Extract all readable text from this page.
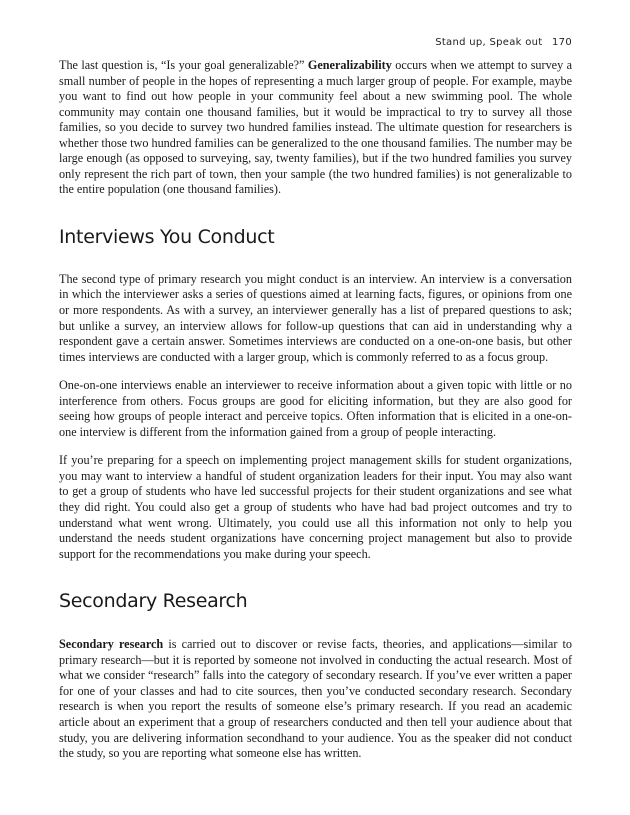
Stand up, Speak out 170

The last question is, “Is your goal generalizable?” Generalizability occurs when we attempt to survey a small number of people in the hopes of representing a much larger group of people. For example, maybe you want to find out how people in your community feel about a new swimming pool. The whole community may contain one thousand families, but it would be impractical to try to survey all those families, so you decide to survey two hundred families instead. The ultimate question for researchers is whether those two hundred families can be generalized to the one thousand families. The number may be large enough (as opposed to surveying, say, twenty families), but if the two hundred families you survey only represent the rich part of town, then your sample (the two hundred families) is not generalizable to the entire population (one thousand families).

Interviews You Conduct

The second type of primary research you might conduct is an interview. An interview is a conversation in which the interviewer asks a series of questions aimed at learning facts, figures, or opinions from one or more respondents. As with a survey, an interviewer generally has a list of prepared questions to ask; but unlike a survey, an interview allows for follow-up questions that can aid in understanding why a respondent gave a certain answer. Sometimes interviews are conducted on a one-on-one basis, but other times interviews are conducted with a larger group, which is commonly referred to as a focus group.

One-on-one interviews enable an interviewer to receive information about a given topic with little or no interference from others. Focus groups are good for eliciting information, but they are also good for seeing how groups of people interact and perceive topics. Often information that is elicited in a one-on-one interview is different from the information gained from a group of people interacting.

If you’re preparing for a speech on implementing project management skills for student organizations, you may want to interview a handful of student organization leaders for their input. You may also want to get a group of students who have led successful projects for their student organizations and see what they did right. You could also get a group of students who have had bad project outcomes and try to understand what went wrong. Ultimately, you could use all this information not only to help you understand the needs student organizations have concerning project management but also to provide support for the recommendations you make during your speech.

Secondary Research

Secondary research is carried out to discover or revise facts, theories, and applications—similar to primary research—but it is reported by someone not involved in conducting the actual research. Most of what we consider “research” falls into the category of secondary research. If you’ve ever written a paper for one of your classes and had to cite sources, then you’ve conducted secondary research. Secondary research is when you report the results of someone else’s primary research. If you read an academic article about an experiment that a group of researchers conducted and then tell your audience about that study, you are delivering information secondhand to your audience. You as the speaker did not conduct the study, so you are reporting what someone else has written.
